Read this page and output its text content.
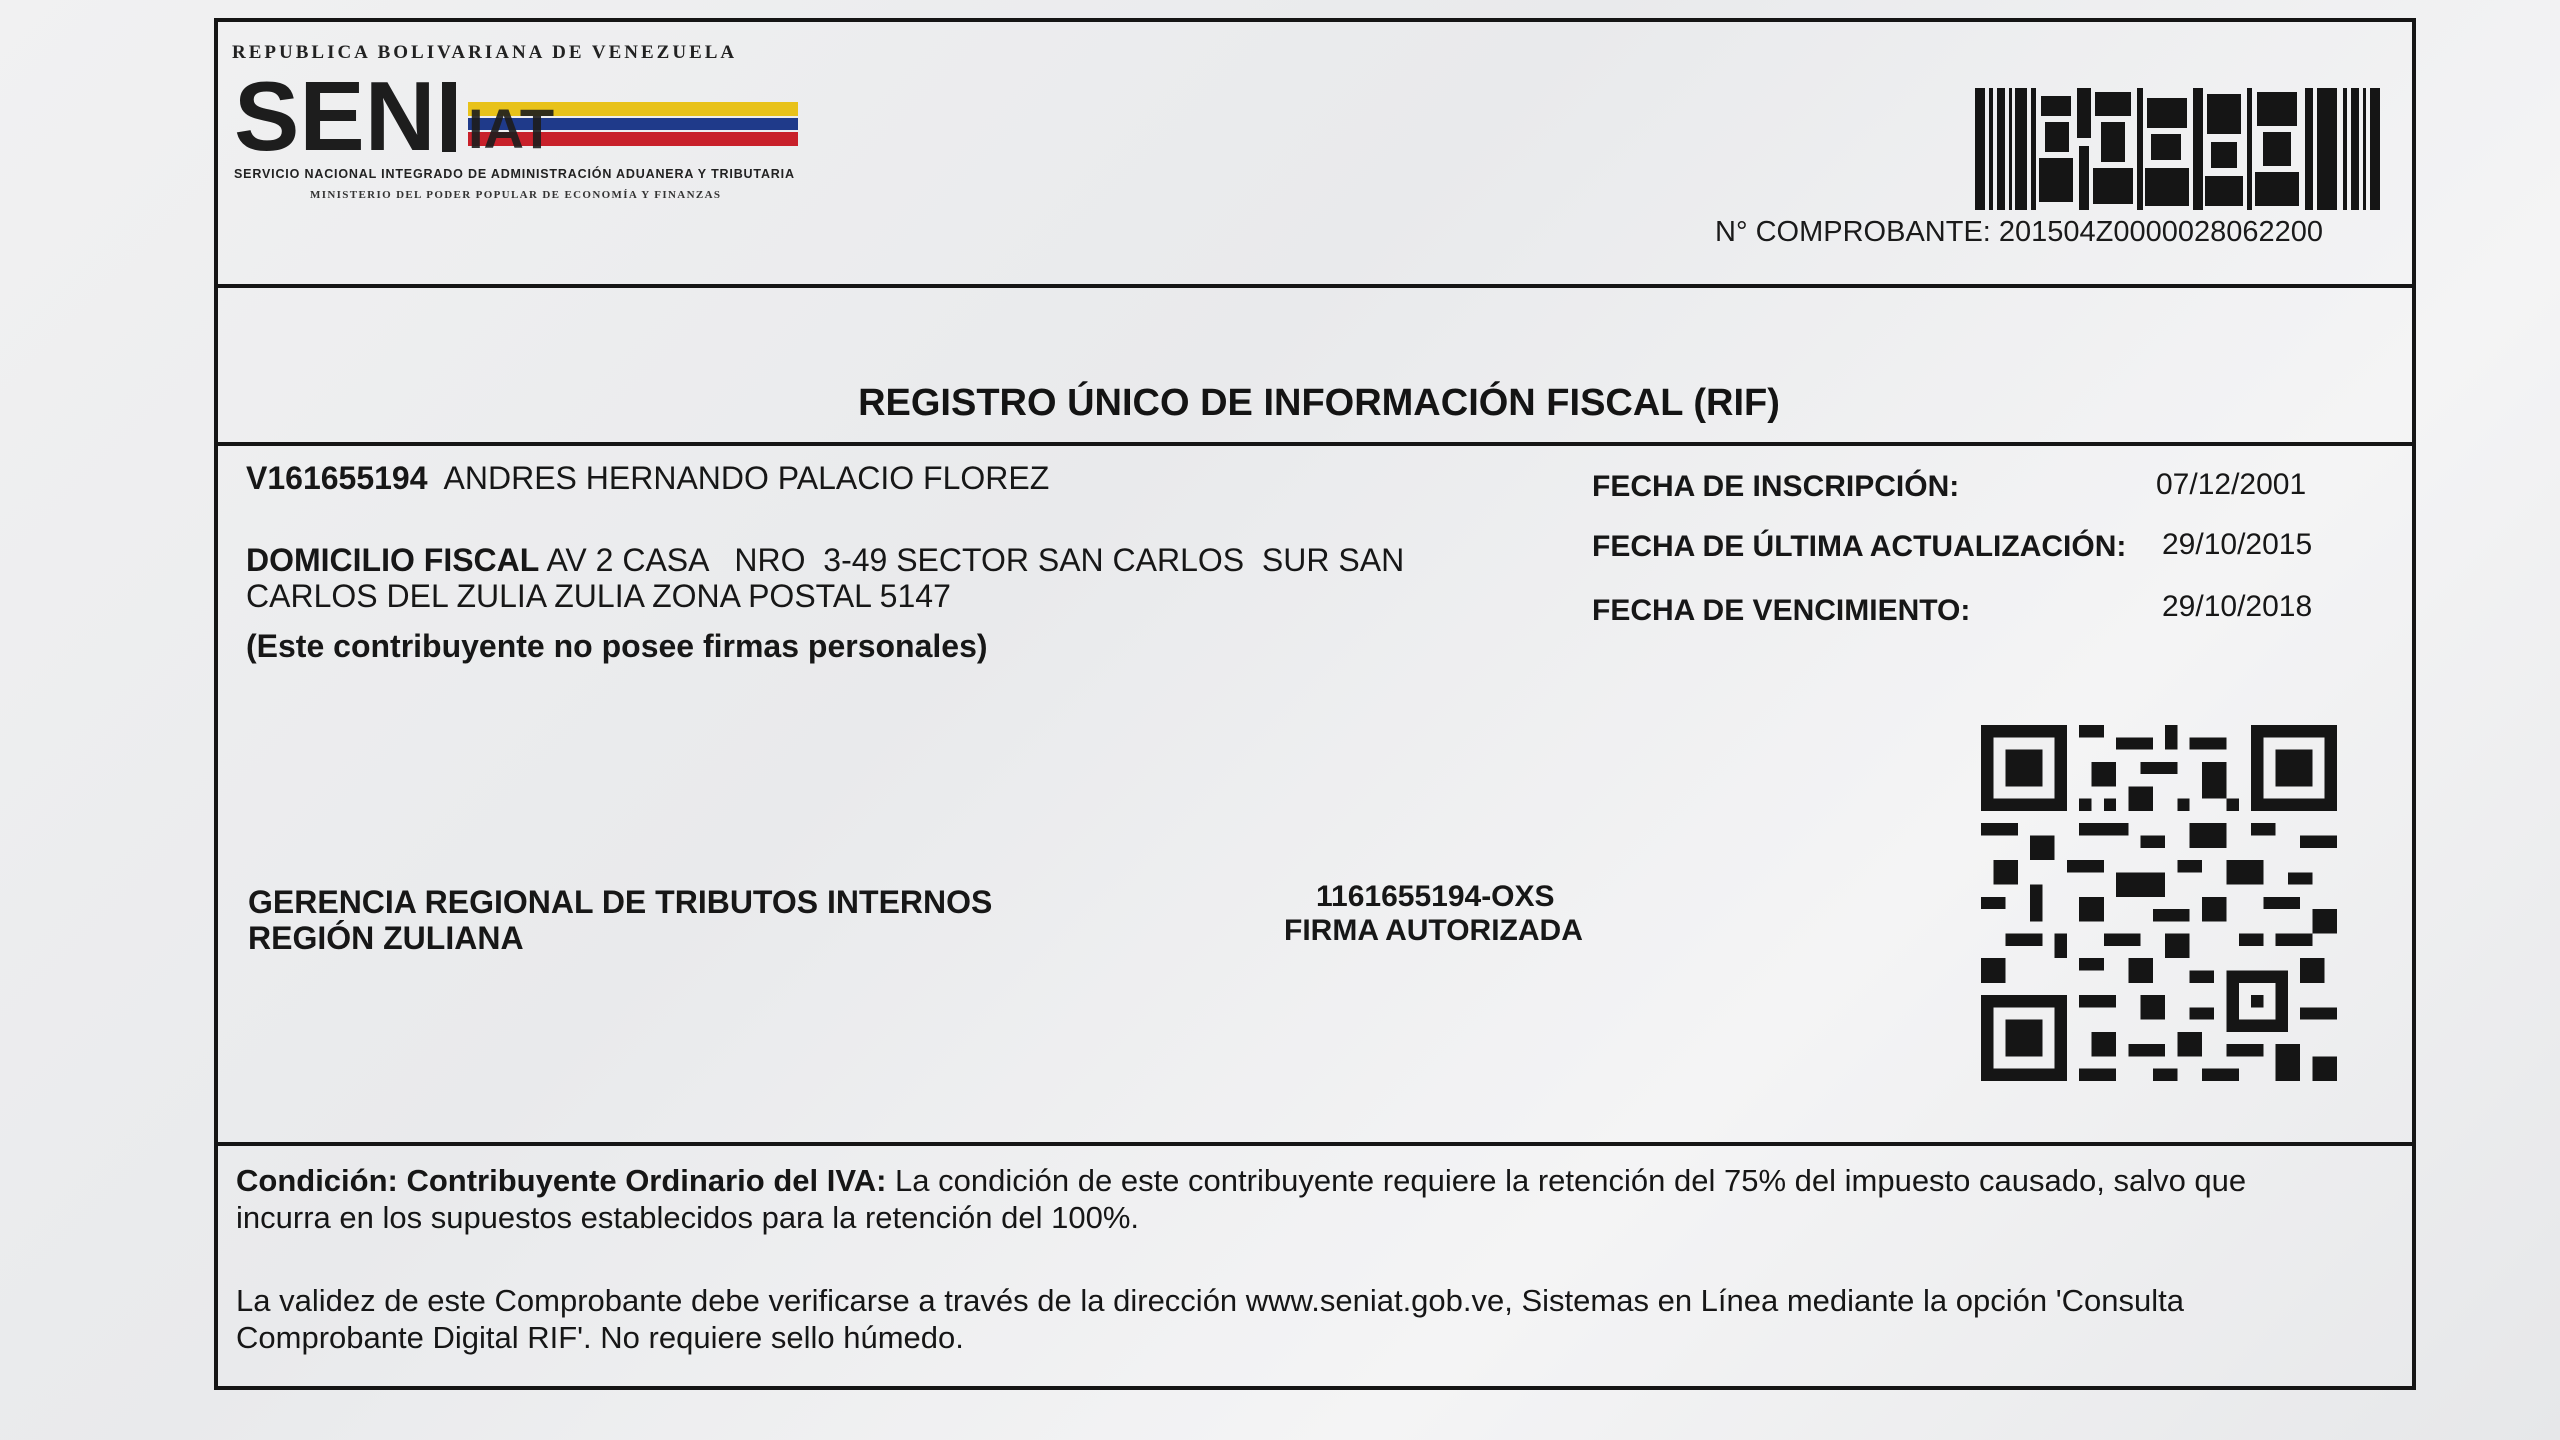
REGISTRO ÚNICO DE INFORMACIÓN FISCAL (RIF)
REPUBLICA BOLIVARIANA DE VENEZUELA
SEN IAT
SERVICIO NACIONAL INTEGRADO DE ADMINISTRACIÓN ADUANERA Y TRIBUTARIA
MINISTERIO DEL PODER POPULAR DE ECONOMÍA Y FINANZAS
N° COMPROBANTE: 201504Z000002806220​0
V161655194 ANDRES HERNANDO PALACIO FLOREZ
DOMICILIO FISCAL AV 2 CASA   NRO  3-49 SECTOR SAN CARLOS  SUR SAN
CARLOS DEL ZULIA ZULIA ZONA POSTAL 5147
(Este contribuyente no posee firmas personales)
FECHA DE INSCRIPCIÓN:	07/12/2001
FECHA DE ÚLTIMA ACTUALIZACIÓN: 29/10/2015
FECHA DE VENCIMIENTO:	29/10/2018
GERENCIA REGIONAL DE TRIBUTOS INTERNOS
REGIÓN ZULIANA
1161655194-OXS
FIRMA AUTORIZADA

Condición: Contribuyente Ordinario del IVA: La condición de este contribuyente requiere la retención del 75% del impuesto causado, salvo que

incurra en los supuestos establecidos para la retención del 100%.

La validez de este Comprobante debe verificarse a través de la dirección www.seniat.gob.ve, Sistemas en Línea mediante la opción 'Consulta

Comprobante Digital RIF'. No requiere sello húmedo.
